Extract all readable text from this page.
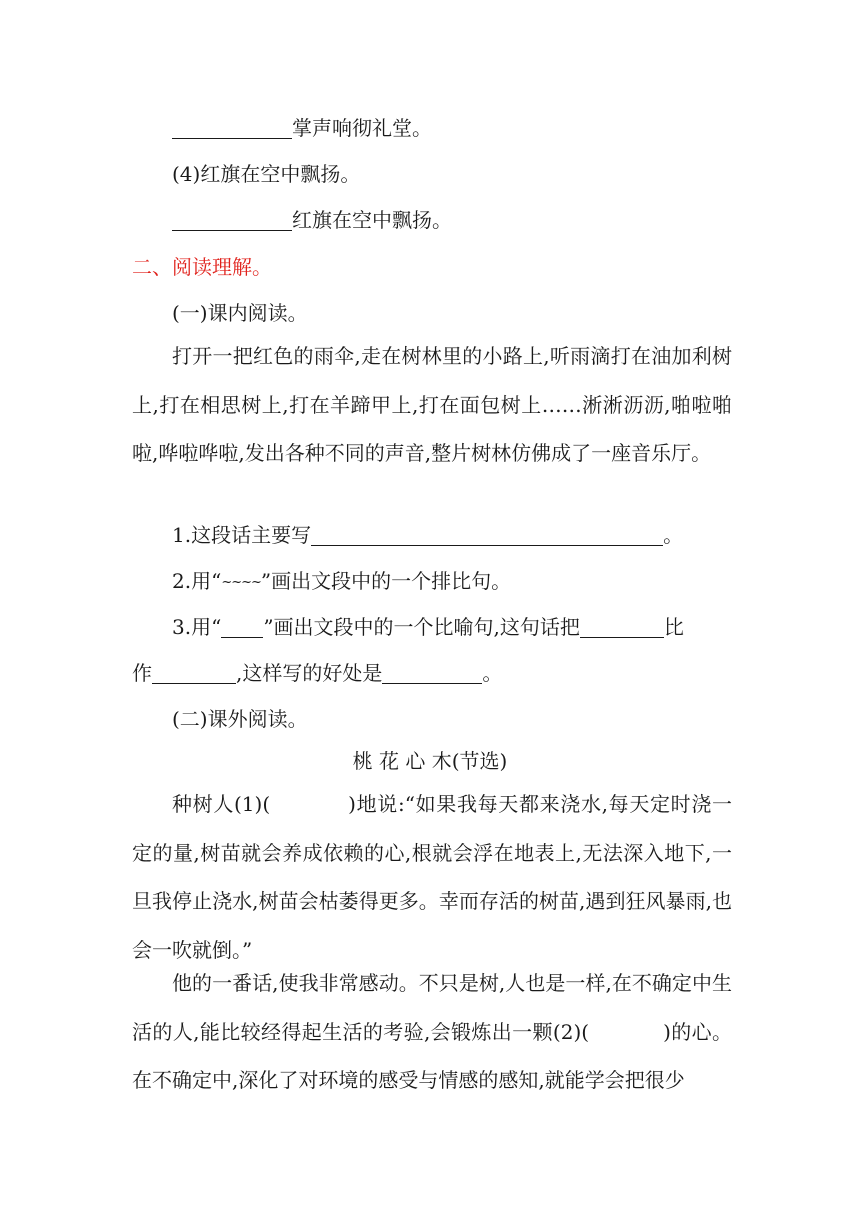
掌声响彻礼堂。
(4)红旗在空中飘扬。
红旗在空中飘扬。
二、阅读理解。
(一)课内阅读。

打开一把红色的雨伞,走在树林里的小路上,听雨滴打在油加利树上,打在相思树上,打在羊蹄甲上,打在面包树上……淅淅沥沥,啪啦啪啦,哗啦哗啦,发出各种不同的声音,整片树林仿佛成了一座音乐厅。

1.这段话主要写	。
2.用“~~~~”画出文段中的一个排比句。
3.用“ ”画出文段中的一个比喻句,这句话把	比
作	,这样写的好处是	。
(二)课外阅读。
桃 花 心 木(节选)

种树人(1)(	)地说:“如果我每天都来浇水,每天定时浇一定的量,树苗就会养成依赖的心,根就会浮在地表上,无法深入地下,一旦我停止浇水,树苗会枯萎得更多。幸而存活的树苗,遇到狂风暴雨,也会一吹就倒。”

他的一番话,使我非常感动。不只是树,人也是一样,在不确定中生活的人,能比较经得起生活的考验,会锻炼出一颗(2)(	)的心。在不确定中,深化了对环境的感受与情感的感知,就能学会把很少
